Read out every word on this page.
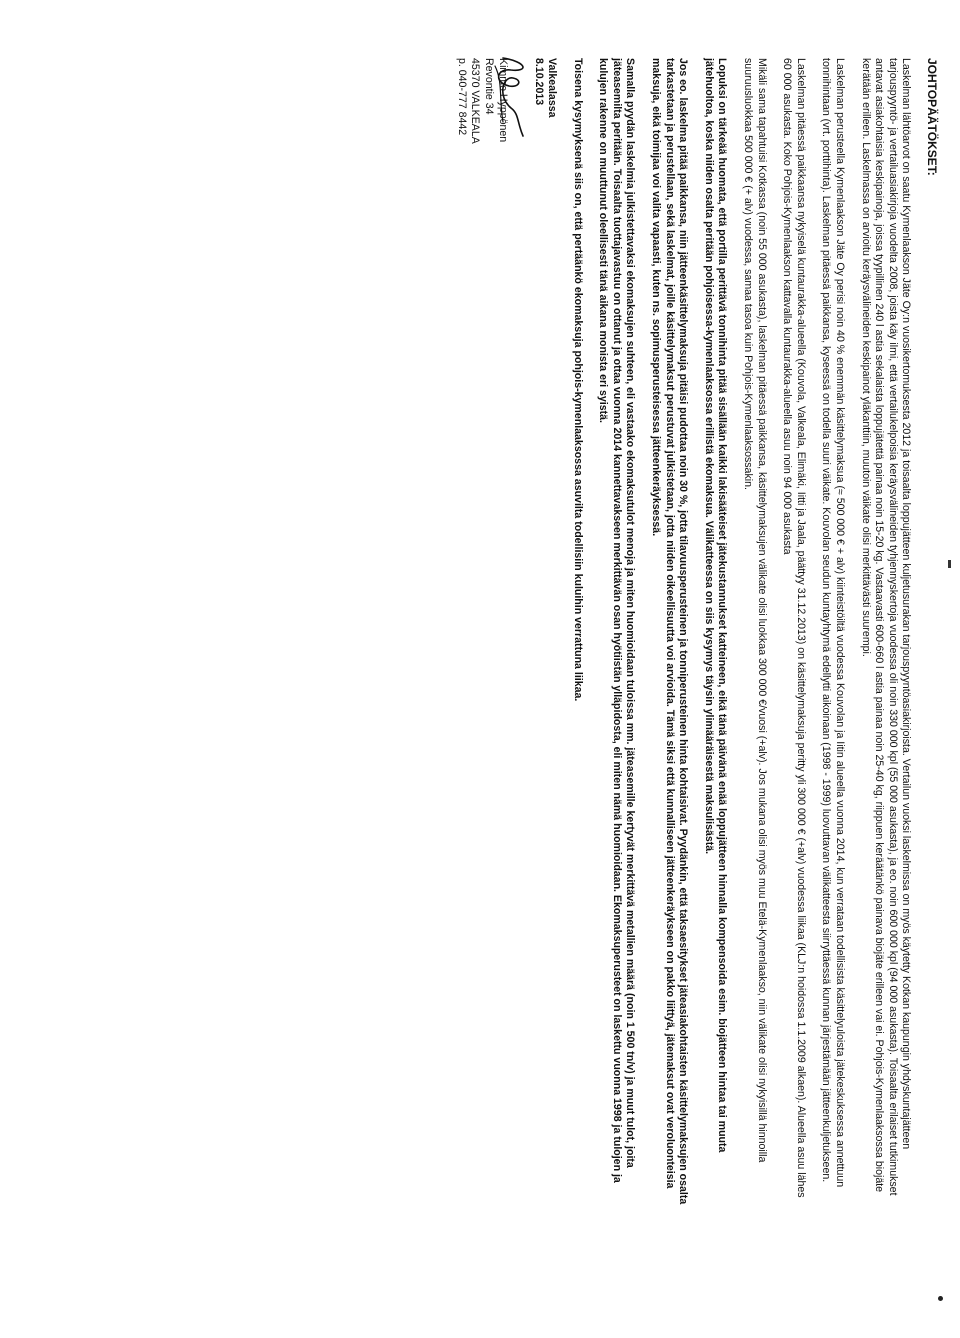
JOHTOPÄÄTÖKSET:
Laskelman lähtöarvot on saatu Kymenlaakson Jäte Oy:n vuosikertomuksesta 2012 ja toisaalta loppujätteen kuljetusurakan tarjouspyyntöasiakirjoista. Vertailun vuoksi laskelmissa on myös käytetty Kotkan kaupungin yhdyskuntajätteen tarjouspyyntö- ja vertailuasiakirjoja vuodelta 2008, joista käy ilmi, että vertailukelpoisia keräysvälineiden tyhjennyskertoja vuodessa oli noin 330 000 kpl (55 000 asukasta), ja eo. noin 600 000 kpl (94 000 asukasta). Toisaalta erilaiset tutkimukset antavat asiakohtaisia keskipainoja, joissa tyypillinen 240 l astia sekalaista loppujätettä painaa noin 15-20 kg. Vastaavasti 600-660 l astia painaa noin 25-40 kg, riippuen keräätänkö painava biojäte erilleen vai ei. Pohjois-Kymenlaaksossa biojäte kerätään erilleen. Laskelmassa on arvioitu keräysvälineiden keskipainot yläkanttiin, muutoin väikate olisi merkittävästi suurempi.
Laskelman perusteella Kymenlaakson Jäte Oy perisi noin 40 % enemmän käsittelymaksua (≈ 500 000 € + alv) kiinteistöiltä vuodessa Kouvolan ja Iitin alueella vuonna 2014, kun verrataan todellisista käsittelyuloista jätekeskuksessa annettuun tonnihintaan (vrt. porttihinta). Laskelman pitäessä paikkansa, kyseessä on todella suuri väikate. Kouvolan seudun kuntayhtymä edellytti aikoinaan (1998 - 1999) luovuttavan välikatteesta siirryttäessä kunnan järjestämään jätteenkuljetukseen.
Laskelman pitäessä paikkaansa nykyiselä kuntaurakka-alueella (Kouvola, Valkeala, Elimäki, Iitti ja Jaala, päättyy 31.12.2013) on käsittelymaksuja peritty yli 300 000 € (+alv) vuodessa liikaa (KLJ:n hoidossa 1.1.2009 alkaen). Alueella asuu lähes 60 000 asukasta. Koko Pohjois-Kymenlaakson kattavalla kuntaurakka-alueella asuu noin 94 000 asukasta
Mikäli sama tapahtuisi Kotkassa (noin 55 000 asukasta), laskelman pitäessä paikkansa, käsittelymaksujen välikate olisi luokkaa 300 000 €/vuosi (+alv). Jos mukana olisi myös muu Etelä-Kymenlaakso, niin välikate olisi nykyisillä hinnoilla suuruusluokkaa 500 000 € (+ alv) vuodessa, samaa tasoa kuin Pohjois-Kymenlaaksossakin.
Lopuksi on tärkeää huomata, että portilla perittävä tonnihinta pitää sisällään kaikki lakisääteiset jätekustannukset katteineen, eikä tänä päivänä enää loppujätteen hinnalla kompensoida esim. biojätteen hintaa tai muuta jätehuoltoa, koska niiden osalta peritään pohjoisessa-kymenlaaksossa erillistä ekomaksua. Välikatteessa on siis kysymys täysin ylimääräisestä maksulisästä.
Jos eo. laskelma pitää paikkansa, niin jätteenkäsittelymaksuja pitäisi pudottaa noin 30 %, jotta tilavuusperusteinen ja tonniperusteinen hinta kohtaisivat. Pyydänkin, että taksaesitykset jäteasiakohtaisten käsittelymaksujen osalta tarkastetaan ja perustellaan, sekä laskelmat, joille käsittelymaksut perustuvat julkistetaan, jotta niiden oikeellisuutta voi arvioida. Tämä siksi että kunnalliseen jätteenkeräykseen on pakko liittyä, jätemaksut ovat veroluonteisia maksuja, eikä toimijaa voi valita vapaasti, kuten ns. sopimusperusteisessa jätteenkeräyksessä.
Samalla pyydän laskelmia julkistettavaksi ekomaksujen suhteen, eli vastaako ekomaksutulot menoja ja miten huomioidaan tuloissa mm. jäteasemille kertyvät merkittävä metallien määrä (noin 1 500 tn/v) ja muut tulot, joita jäteasemilta peritään. Toisaalta tuottajavastuu on ottanut ja ottaa vuonna 2014 kannettavakseen merkittävän osan hyötiistän ylläpidosta, eli miten nämä huomioidaan. Ekomaksuperusteet on laskettu vuonna 1998 ja tulojen ja kulujen rakenne on muuttunut oleellisesti tänä aikana monista eri syistä.
Toisena kysymyksenä siis on, että pertäänkö ekomaksuja pohjois-kymenlaaksossa asuvilta todellisiin kuluihin verrattuna liikaa.
Valkealassa
8.10.2013
Kimmo Hyppönen
Revontie 34
45370 VALKEALA
p. 040-777 8442
